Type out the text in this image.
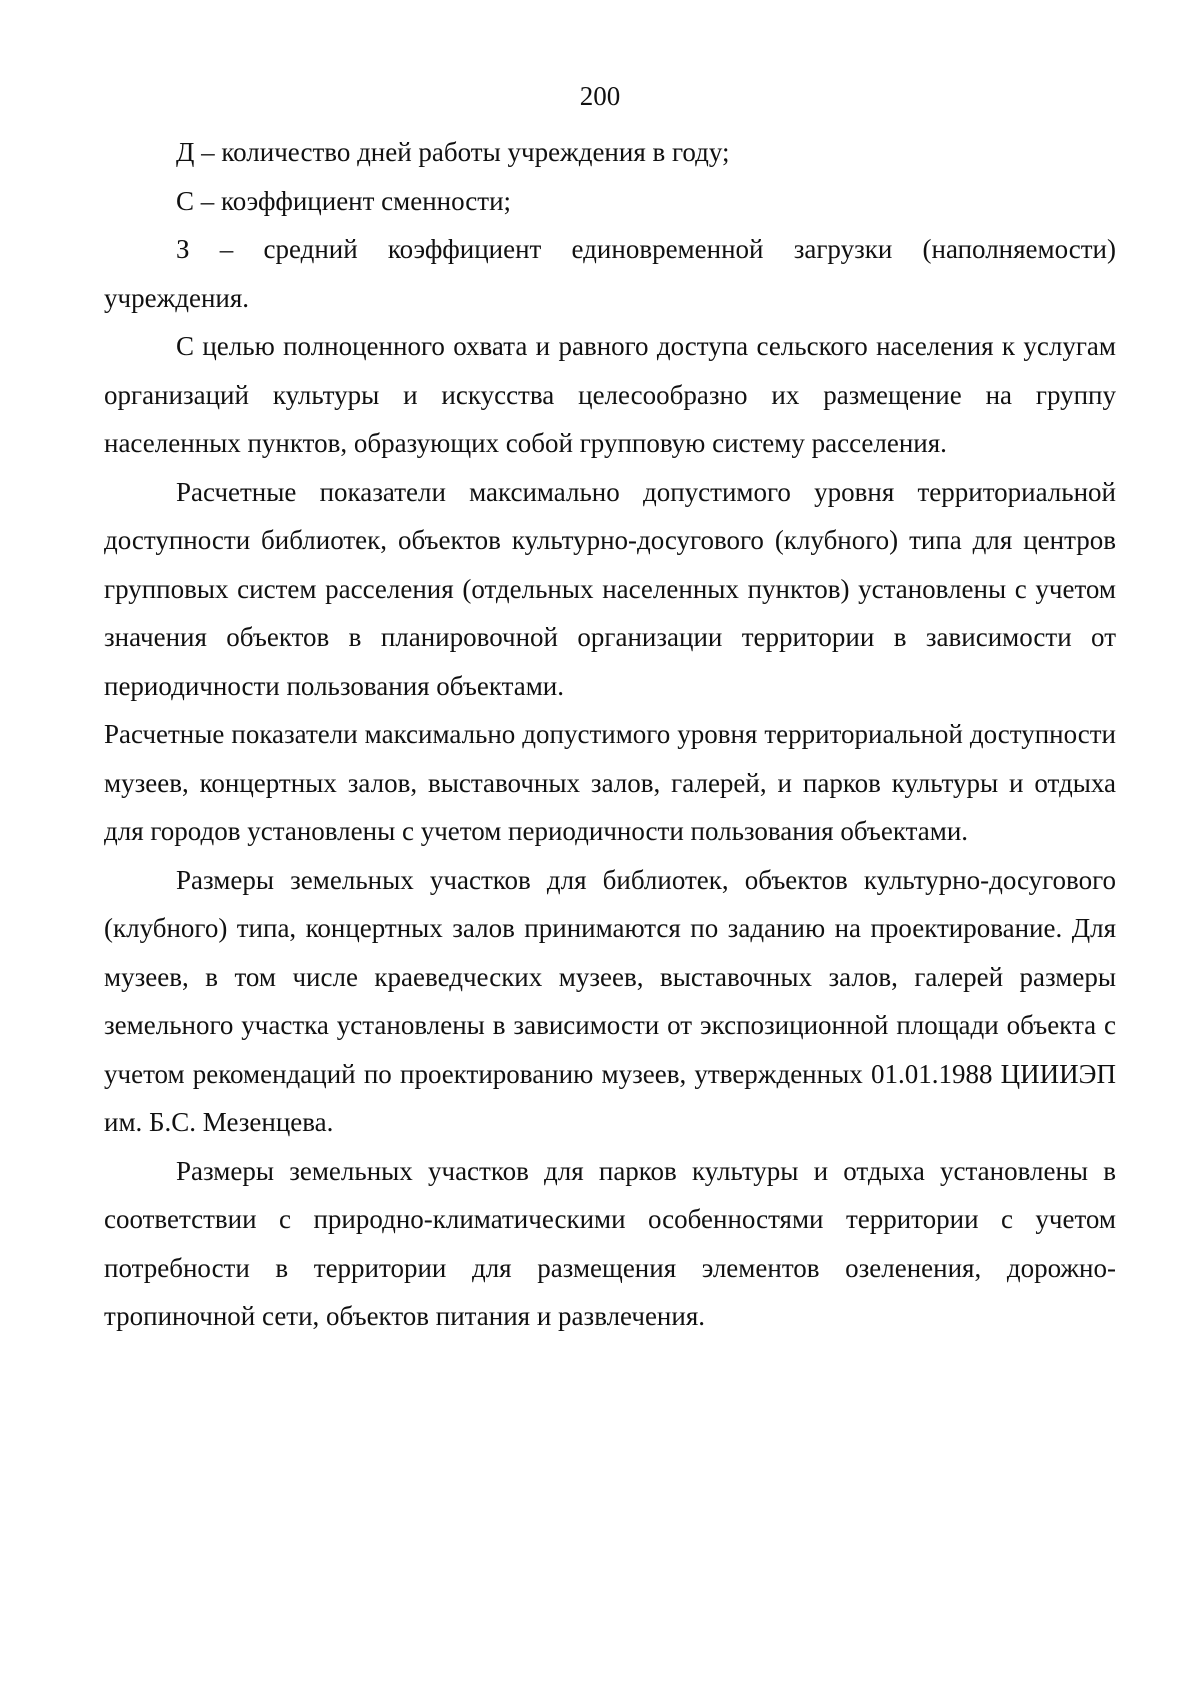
200

Д – количество дней работы учреждения в году;

С – коэффициент сменности;

З – средний коэффициент единовременной загрузки (наполняемости) учреждения.

С целью полноценного охвата и равного доступа сельского населения к услугам организаций культуры и искусства целесообразно их размещение на группу населенных пунктов, образующих собой групповую систему расселения.

Расчетные показатели максимально допустимого уровня территориальной доступности библиотек, объектов культурно-досугового (клубного) типа для центров групповых систем расселения (отдельных населенных пунктов) установлены с учетом значения объектов в планировочной организации территории в зависимости от периодичности пользования объектами.

Расчетные показатели максимально допустимого уровня территориальной доступности музеев, концертных залов, выставочных залов, галерей, и парков культуры и отдыха для городов установлены с учетом периодичности пользования объектами.

Размеры земельных участков для библиотек, объектов культурно-досугового (клубного) типа, концертных залов принимаются по заданию на проектирование. Для музеев, в том числе краеведческих музеев, выставочных залов, галерей размеры земельного участка установлены в зависимости от экспозиционной площади объекта с учетом рекомендаций по проектированию музеев, утвержденных 01.01.1988 ЦИИИЭП им. Б.С. Мезенцева.

Размеры земельных участков для парков культуры и отдыха установлены в соответствии с природно-климатическими особенностями территории с учетом потребности в территории для размещения элементов озеленения, дорожно-тропиночной сети, объектов питания и развлечения.
